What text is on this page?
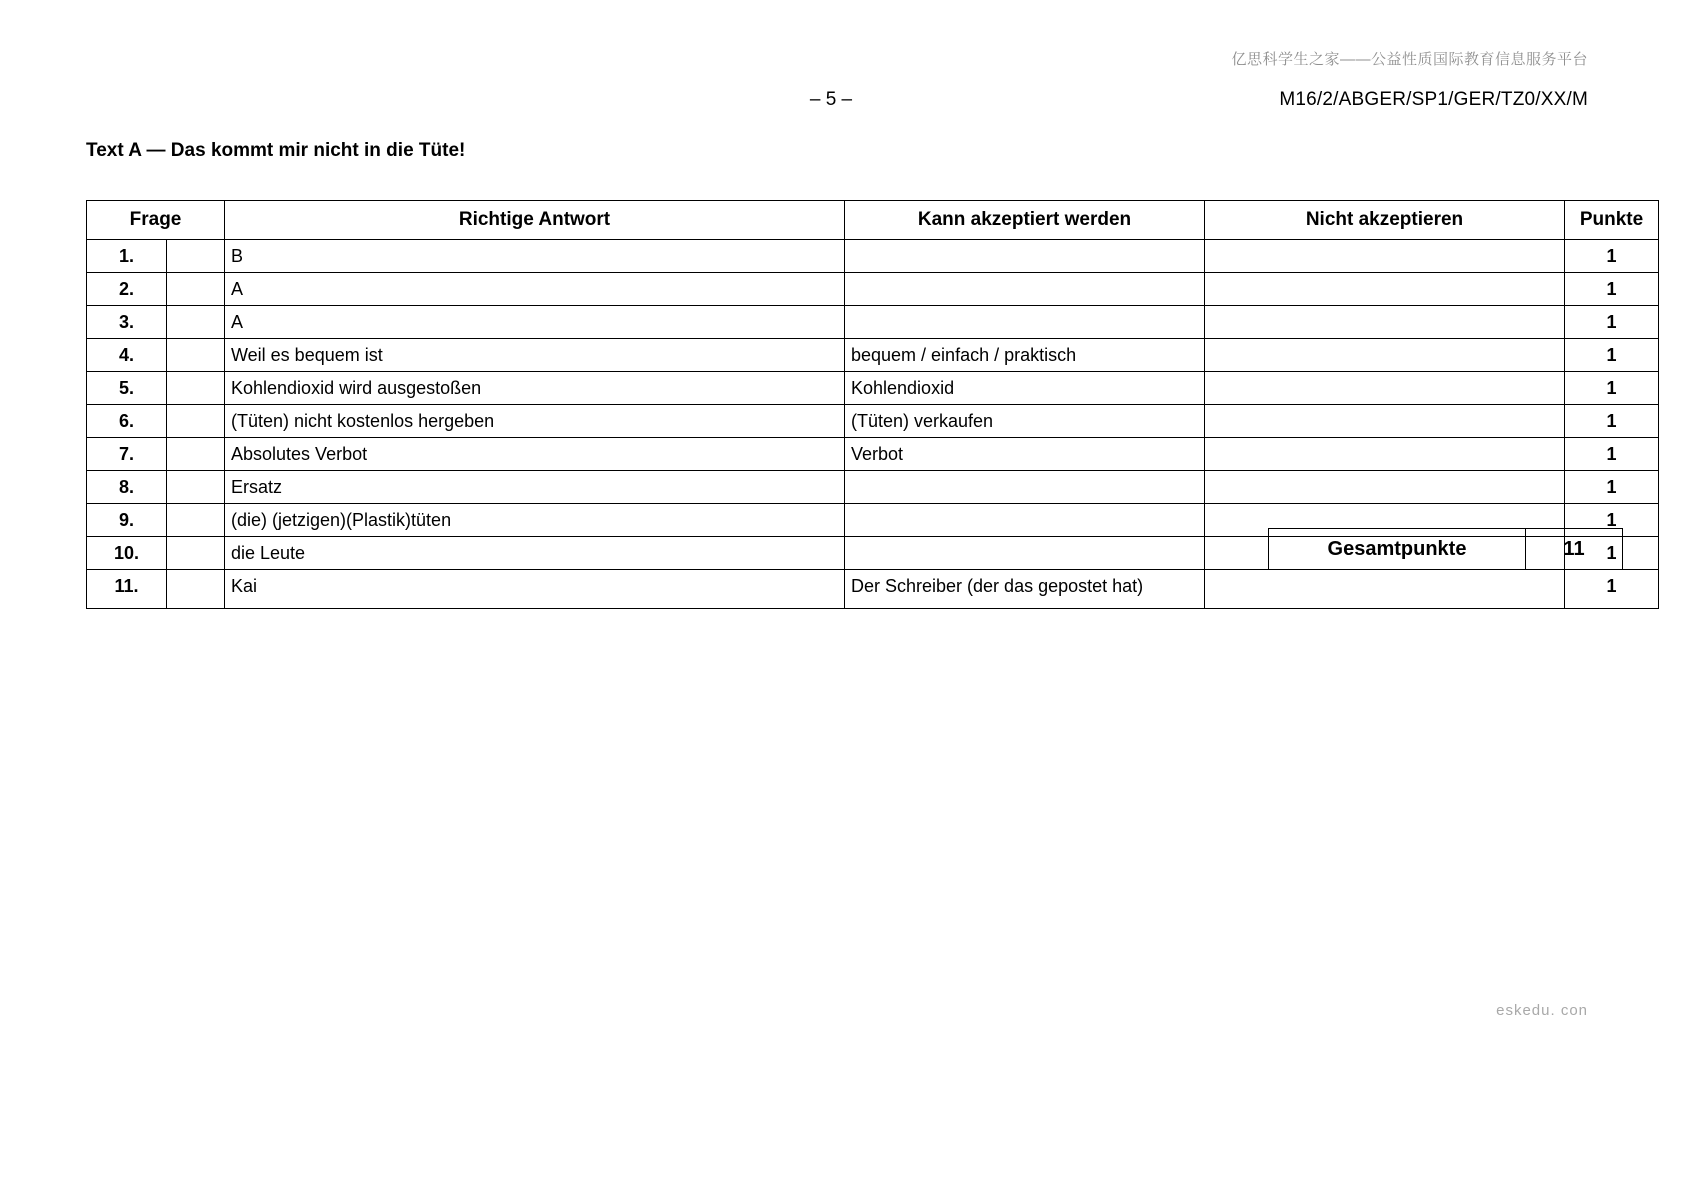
亿思科学生之家——公益性质国际教育信息服务平台
– 5 –	M16/2/ABGER/SP1/GER/TZ0/XX/M
Text A — Das kommt mir nicht in die Tüte!
Frage		Richtige Antwort	Kann akzeptiert werden	Nicht akzeptieren	Punkte
1.		B			1
2.		A			1
3.		A			1
4.		Weil es bequem ist	bequem / einfach / praktisch		1
5.		Kohlendioxid wird ausgestoßen	Kohlendioxid		1
6.		(Tüten) nicht kostenlos hergeben	(Tüten) verkaufen		1
7.		Absolutes Verbot	Verbot		1
8.		Ersatz			1
9.		(die) (jetzigen)(Plastik)tüten			1
10.		die Leute			1
11.		Kai	Der Schreiber (der das gepostet hat)		1
Gesamtpunkte	11
eskedu. con
